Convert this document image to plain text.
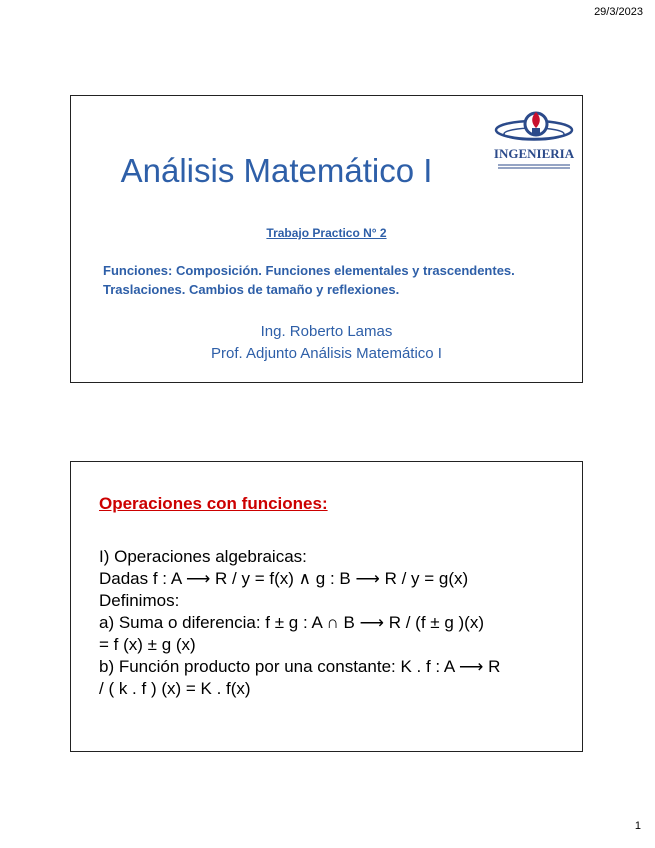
29/3/2023
Análisis Matemático I	INGENIERIA
Trabajo Practico N° 2
Funciones: Composición. Funciones elementales y trascendentes.
Traslaciones. Cambios de tamaño y reflexiones.
Ing. Roberto Lamas
Prof. Adjunto Análisis Matemático I
Operaciones con funciones:
I) Operaciones algebraicas:
Dadas f : A ⟶ R / y = f(x) ∧ g : B ⟶ R / y = g(x)
Definimos:
a) Suma o diferencia: f ± g : A ∩ B ⟶ R / (f ± g )(x)
= f (x) ± g (x)
b) Función producto por una constante: K . f : A ⟶ R
/ ( k . f ) (x) = K . f(x)
1
